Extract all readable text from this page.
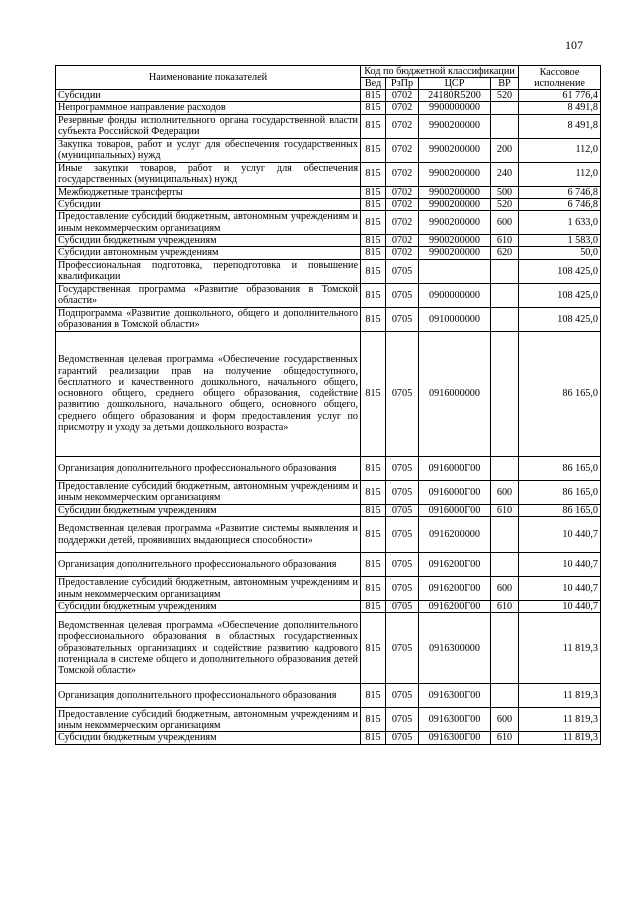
107
Наименование показателей	Код по бюджетной классификации				Кассовое исполнение
	Вед	РзПр	ЦСР	ВР	
Субсидии	815	0702	24180R5200	520	61 776,4
Непрограммное направление расходов	815	0702	9900000000		8 491,8
Резервные фонды исполнительного органа государственной власти субъекта Российской Федерации	815	0702	9900200000		8 491,8
Закупка товаров, работ и услуг для обеспечения государственных (муниципальных) нужд	815	0702	9900200000	200	112,0
Иные закупки товаров, работ и услуг для обеспечения государственных (муниципальных) нужд	815	0702	9900200000	240	112,0
Межбюджетные трансферты	815	0702	9900200000	500	6 746,8
Субсидии	815	0702	9900200000	520	6 746,8
Предоставление субсидий бюджетным, автономным учреждениям и иным некоммерческим организациям	815	0702	9900200000	600	1 633,0
Субсидии бюджетным учреждениям	815	0702	9900200000	610	1 583,0
Субсидии автономным учреждениям	815	0702	9900200000	620	50,0
Профессиональная подготовка, переподготовка и повышение квалификации	815	0705			108 425,0
Государственная программа «Развитие образования в Томской области»	815	0705	0900000000		108 425,0
Подпрограмма «Развитие дошкольного, общего и дополнительного образования в Томской области»	815	0705	0910000000		108 425,0
Ведомственная целевая программа «Обеспечение государственных гарантий реализации прав на получение общедоступного, бесплатного и качественного дошкольного, начального общего, основного общего, среднего общего образования, содействие развитию дошкольного, начального общего, основного общего, среднего общего образования и форм предоставления услуг по присмотру и уходу за детьми дошкольного возраста»	815	0705	0916000000		86 165,0
Организация дополнительного профессионального образования	815	0705	0916000Г00		86 165,0
Предоставление субсидий бюджетным, автономным учреждениям и иным некоммерческим организациям	815	0705	0916000Г00	600	86 165,0
Субсидии бюджетным учреждениям	815	0705	0916000Г00	610	86 165,0
Ведомственная целевая программа «Развитие системы выявления и поддержки детей, проявивших выдающиеся способности»	815	0705	0916200000		10 440,7
Организация дополнительного профессионального образования	815	0705	0916200Г00		10 440,7
Предоставление субсидий бюджетным, автономным учреждениям и иным некоммерческим организациям	815	0705	0916200Г00	600	10 440,7
Субсидии бюджетным учреждениям	815	0705	0916200Г00	610	10 440,7
Ведомственная целевая программа «Обеспечение дополнительного профессионального образования в областных государственных образовательных организациях и содействие развитию кадрового потенциала в системе общего и дополнительного образования детей Томской области»	815	0705	0916300000		11 819,3
Организация дополнительного профессионального образования	815	0705	0916300Г00		11 819,3
Предоставление субсидий бюджетным, автономным учреждениям и иным некоммерческим организациям	815	0705	0916300Г00	600	11 819,3
Субсидии бюджетным учреждениям	815	0705	0916300Г00	610	11 819,3
